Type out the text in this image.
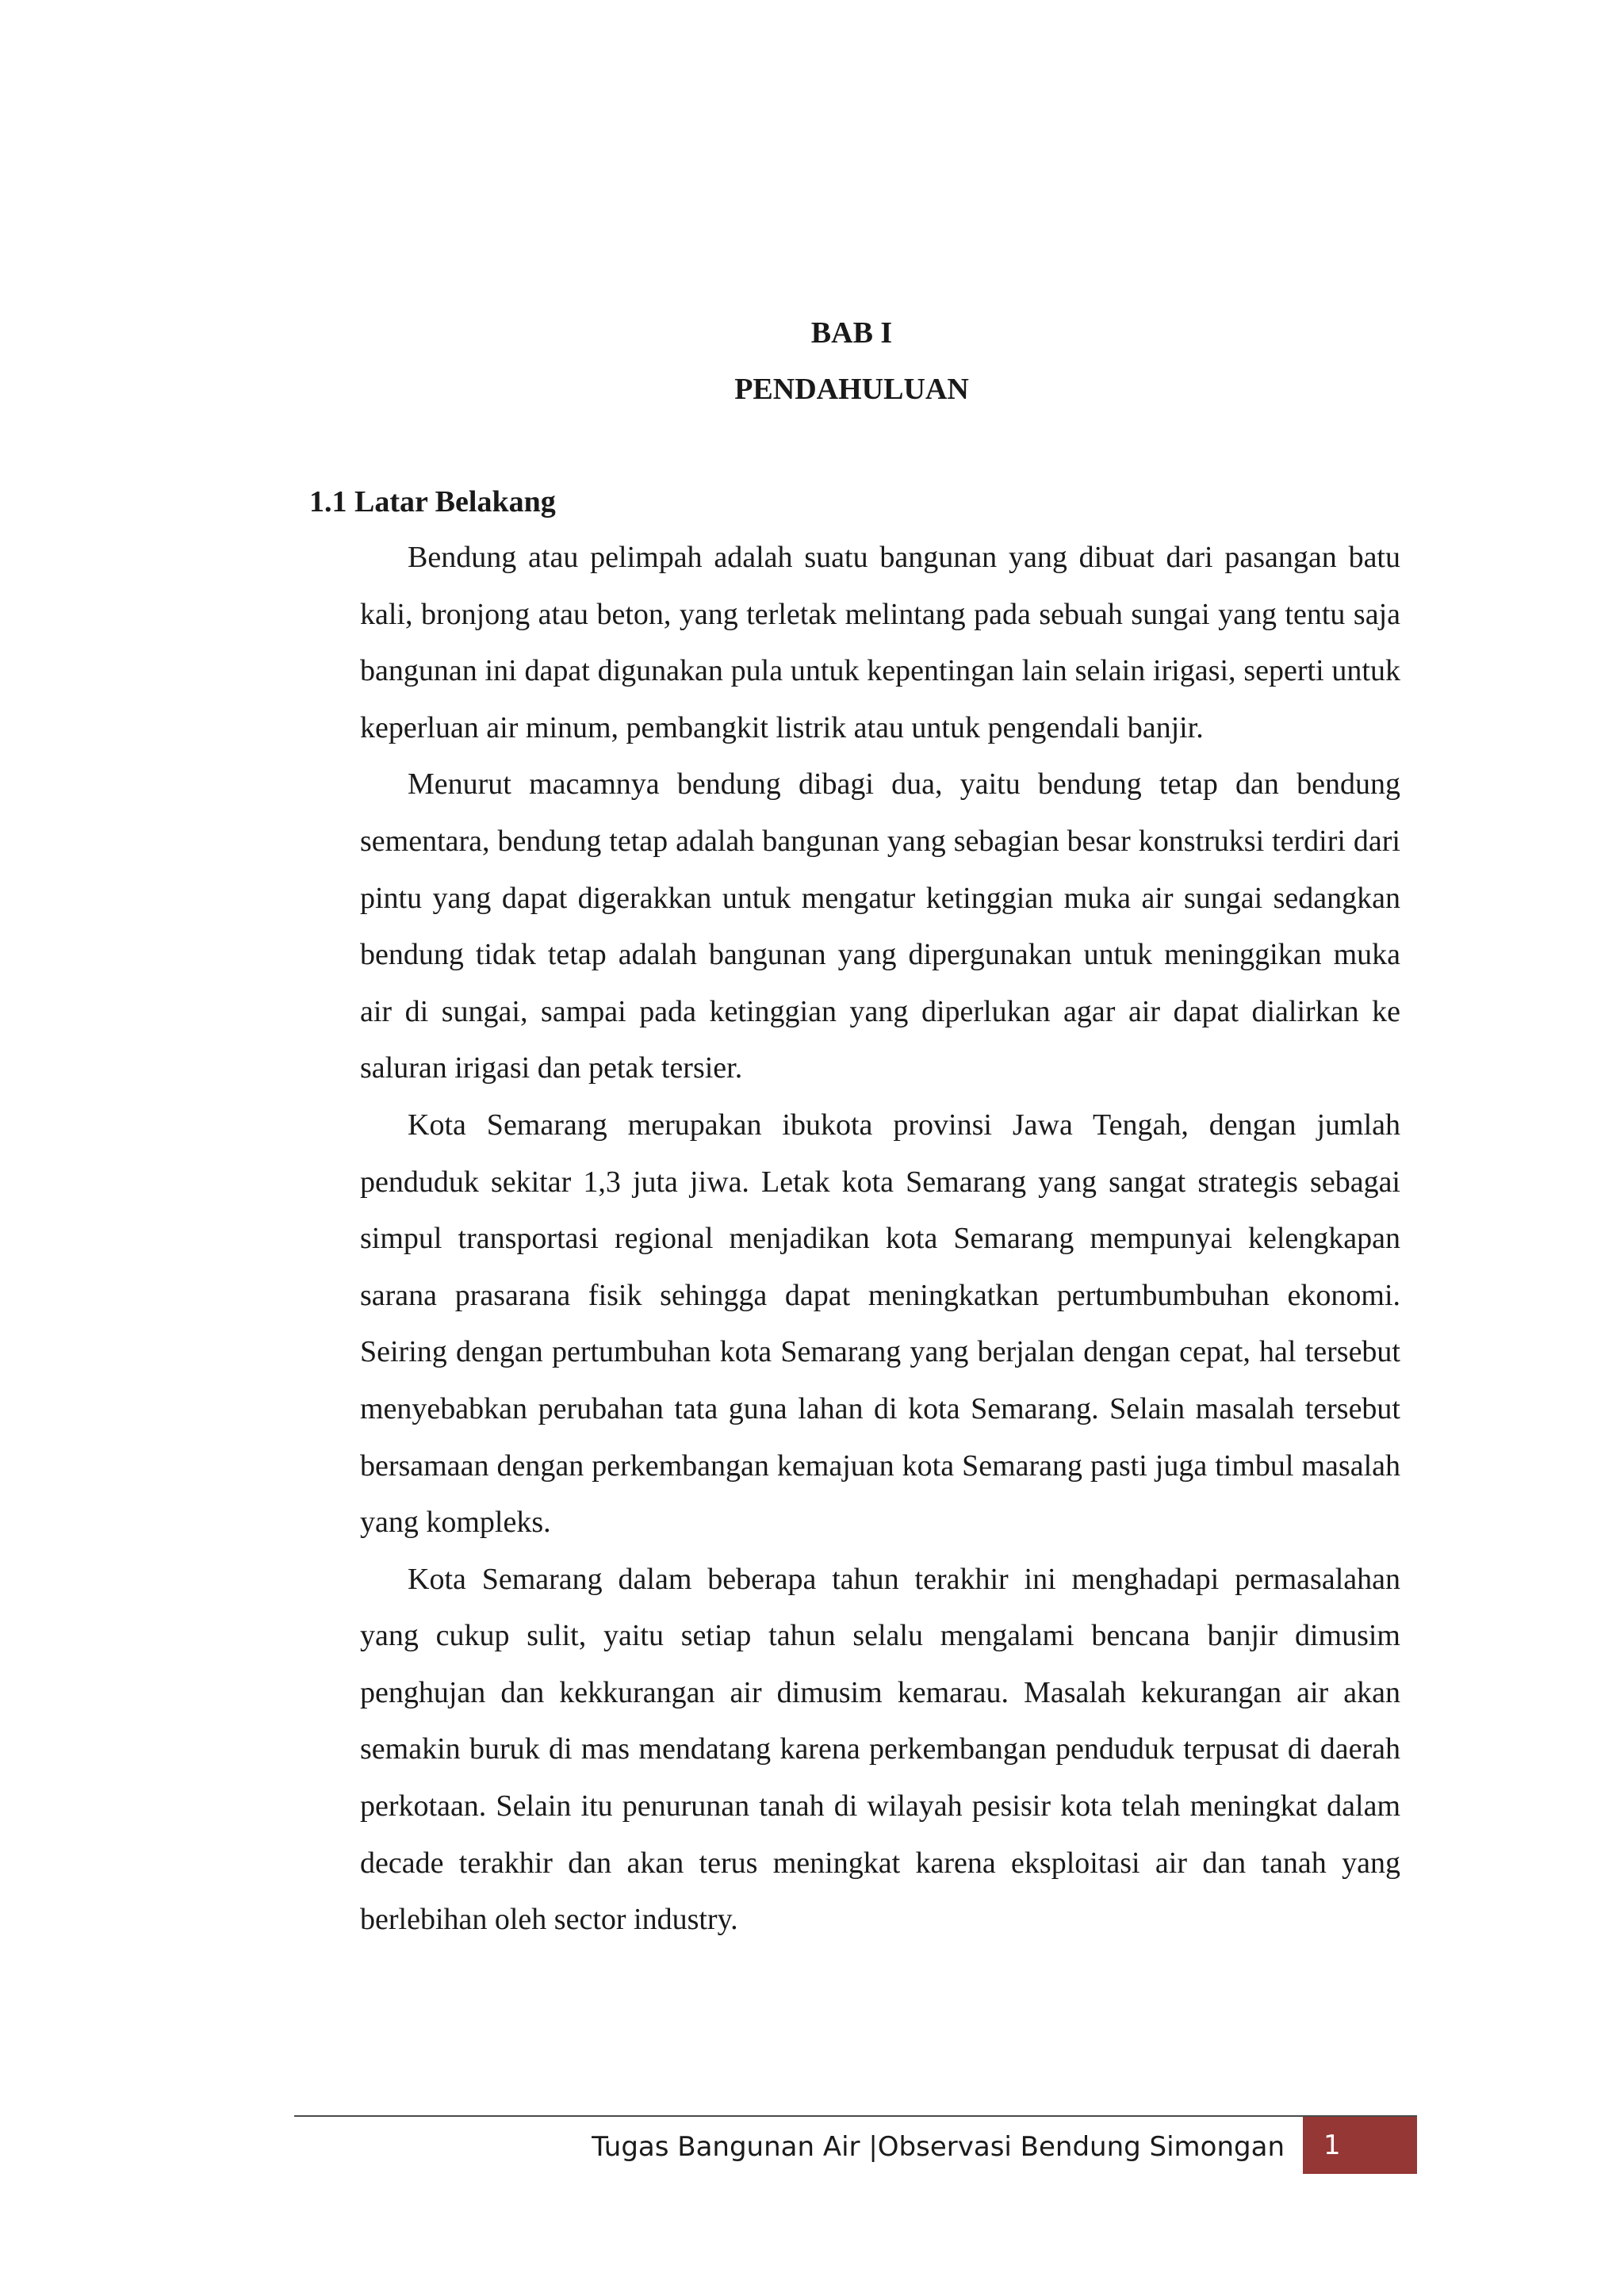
BAB I
PENDAHULUAN
1.1 Latar Belakang

Bendung atau pelimpah adalah suatu bangunan yang dibuat dari pasangan batu kali, bronjong atau beton, yang terletak melintang pada sebuah sungai yang tentu saja bangunan ini dapat digunakan pula untuk kepentingan lain selain irigasi, seperti untuk keperluan air minum, pembangkit listrik atau untuk pengendali banjir.

Menurut macamnya bendung dibagi dua, yaitu bendung tetap dan bendung sementara, bendung tetap adalah bangunan yang sebagian besar konstruksi terdiri dari pintu yang dapat digerakkan untuk mengatur ketinggian muka air sungai sedangkan bendung tidak tetap adalah bangunan yang dipergunakan untuk meninggikan muka air di sungai, sampai pada ketinggian yang diperlukan agar air dapat dialirkan ke saluran irigasi dan petak tersier.

Kota Semarang merupakan ibukota provinsi Jawa Tengah, dengan jumlah penduduk sekitar 1,3 juta jiwa. Letak kota Semarang yang sangat strategis sebagai simpul transportasi regional menjadikan kota Semarang mempunyai kelengkapan sarana prasarana fisik sehingga dapat meningkatkan pertumbumbuhan ekonomi. Seiring dengan pertumbuhan kota Semarang yang berjalan dengan cepat, hal tersebut menyebabkan perubahan tata guna lahan di kota Semarang. Selain masalah tersebut bersamaan dengan perkembangan kemajuan kota Semarang pasti juga timbul masalah yang kompleks.

Kota Semarang dalam beberapa tahun terakhir ini menghadapi permasalahan yang cukup sulit, yaitu setiap tahun selalu mengalami bencana banjir dimusim penghujan dan kekkurangan air dimusim kemarau. Masalah kekurangan air akan semakin buruk di mas mendatang karena perkembangan penduduk terpusat di daerah perkotaan. Selain itu penurunan tanah di wilayah pesisir kota telah meningkat dalam decade terakhir dan akan terus meningkat karena eksploitasi air dan tanah yang berlebihan oleh sector industry.

Tugas Bangunan Air |Observasi Bendung Simongan 1
